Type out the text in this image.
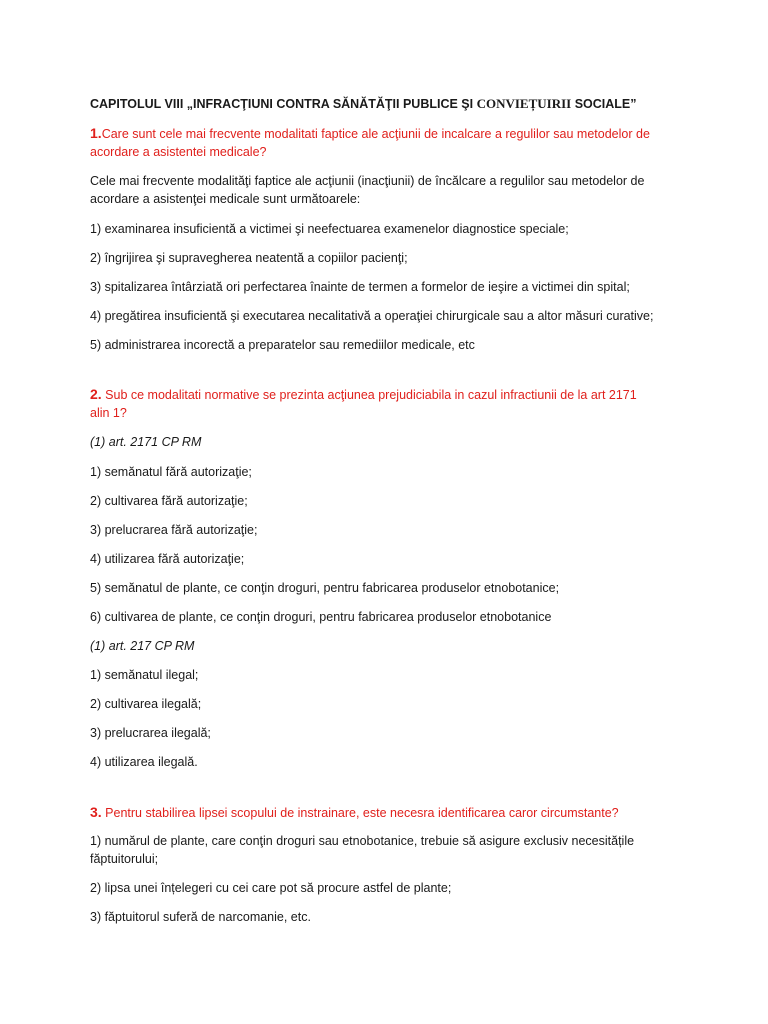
CAPITOLUL VIII „INFRACŢIUNI CONTRA SĂNĂTĂŢII PUBLICE ŞI CONVIEȚUIRII SOCIALE”
1.Care sunt cele mai frecvente modalitati faptice ale acţiunii de incalcare a regulilor sau metodelor de
acordare a asistentei medicale?
Cele mai frecvente modalităţi faptice ale acţiunii (inacţiunii) de încălcare a regulilor sau metodelor de
acordare a asistenţei medicale sunt următoarele:
1) examinarea insuficientă a victimei şi neefectuarea examenelor diagnostice speciale;
2) îngrijirea şi supravegherea neatentă a copiilor pacienţi;
3) spitalizarea întârziată ori perfectarea înainte de termen a formelor de ieşire a victimei din spital;
4) pregătirea insuficientă şi executarea necalitativă a operaţiei chirurgicale sau a altor măsuri curative;
5) administrarea incorectă a preparatelor sau remediilor medicale, etc
2. Sub ce modalitati normative se prezinta acţiunea prejudiciabila in cazul infractiunii de la art 2171
alin 1?
(1) art. 2171 CP RM
1) semănatul fără autorizaţie;
2) cultivarea fără autorizaţie;
3) prelucrarea fără autorizaţie;
4) utilizarea fără autorizaţie;
5) semănatul de plante, ce conţin droguri, pentru fabricarea produselor etnobotanice;
6) cultivarea de plante, ce conţin droguri, pentru fabricarea produselor etnobotanice
(1) art. 217 CP RM
1) semănatul ilegal;
2) cultivarea ilegală;
3) prelucrarea ilegală;
4) utilizarea ilegală.
3. Pentru stabilirea lipsei scopului de instrainare, este necesra identificarea caror circumstante?
1) numărul de plante, care conţin droguri sau etnobotanice, trebuie să asigure exclusiv necesitățile
făptuitorului;
2) lipsa unei înțelegeri cu cei care pot să procure astfel de plante;
3) făptuitorul suferă de narcomanie, etc.
